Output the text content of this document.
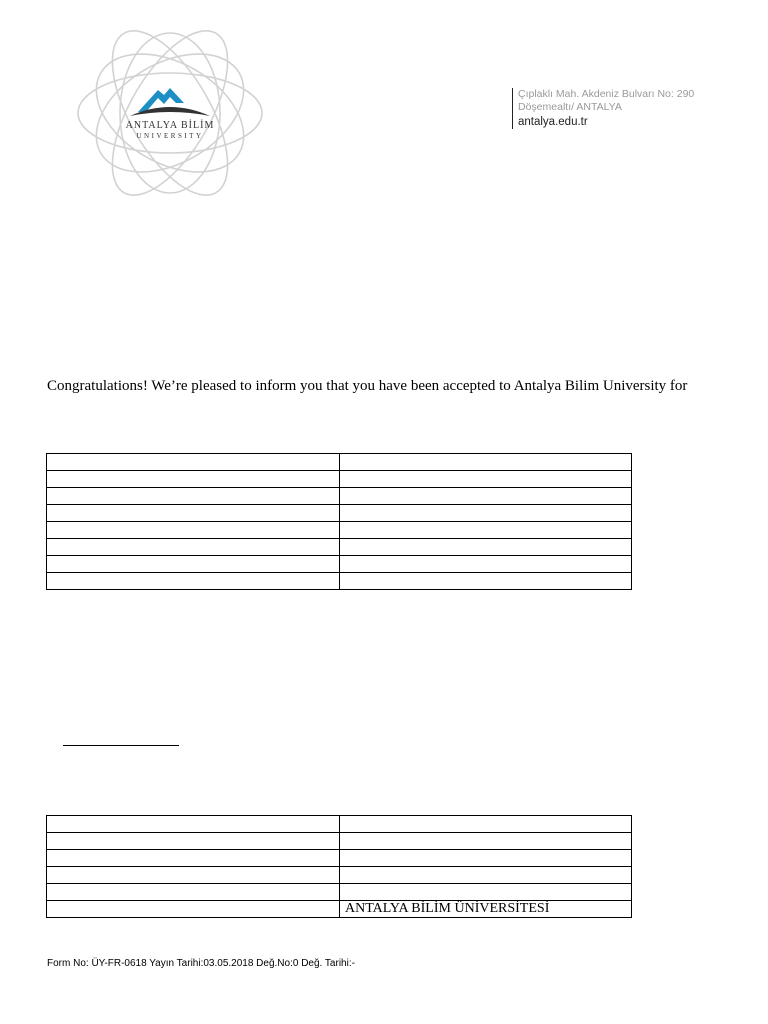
ANTALYA BİLİM
UNIVERSITY
Çıplaklı Mah. Akdeniz Bulvarı No: 290
Döşemealtı/ ANTALYA
antalya.edu.tr
Congratulations! We’re pleased to inform you that you have been accepted to Antalya Bilim University for

	ANTALYA BİLİM ÜNİVERSİTESİ
Form No: ÜY-FR-0618 Yayın Tarihi:03.05.2018 Değ.No:0 Değ. Tarihi:-
